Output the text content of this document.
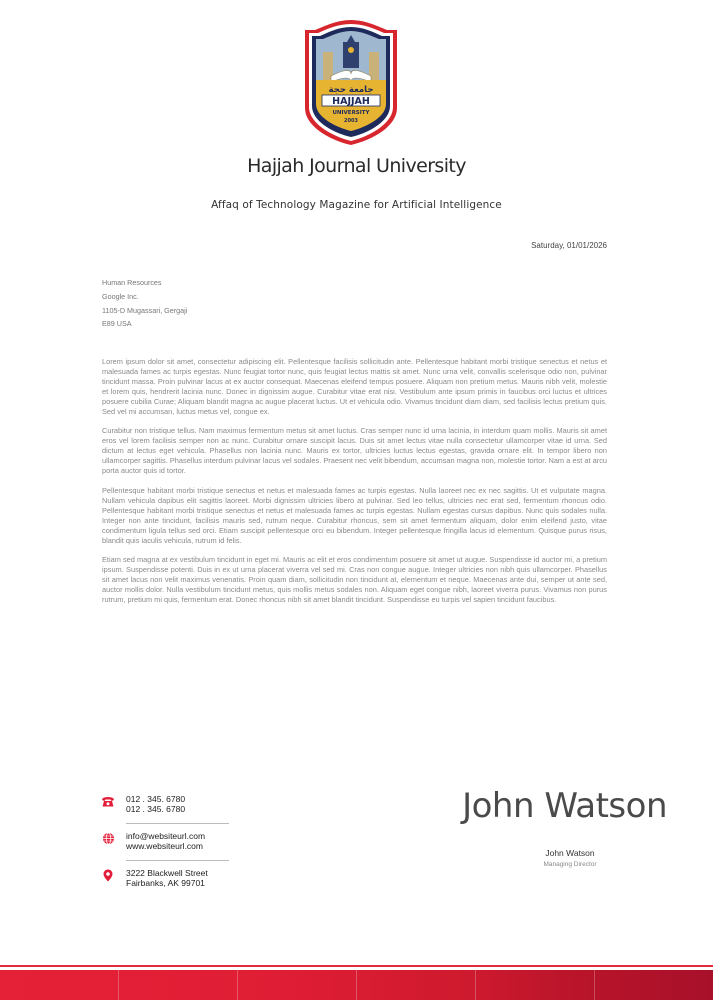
جامعة حجة
HAJJAH
UNIVERSITY
2003
Hajjah Journal University
Affaq of Technology Magazine for Artificial Intelligence
Saturday, 01/01/2026
Human Resources
Google Inc.
1105-D Mugassari, Gergaji
E89 USA

Lorem ipsum dolor sit amet, consectetur adipiscing elit. Pellentesque facilisis sollicitudin ante. Pellentesque habitant morbi tristique senectus et netus et malesuada fames ac turpis egestas. Nunc feugiat tortor nunc, quis feugiat lectus mattis sit amet. Nunc urna velit, convallis scelerisque odio non, pulvinar tincidunt massa. Proin pulvinar lacus at ex auctor consequat. Maecenas eleifend tempus posuere. Aliquam non pretium metus. Mauris nibh velit, molestie et lorem quis, hendrerit lacinia nunc. Donec in dignissim augue. Curabitur vitae erat nisi. Vestibulum ante ipsum primis in faucibus orci luctus et ultrices posuere cubilia Curae; Aliquam blandit magna ac augue placerat luctus. Ut et vehicula odio. Vivamus tincidunt diam diam, sed facilisis lectus pretium quis. Sed vel mi accumsan, luctus metus vel, congue ex.

Curabitur non tristique tellus. Nam maximus fermentum metus sit amet luctus. Cras semper nunc id urna lacinia, in interdum quam mollis. Mauris sit amet eros vel lorem facilisis semper non ac nunc. Curabitur ornare suscipit lacus. Duis sit amet lectus vitae nulla consectetur ullamcorper vitae id urna. Sed dictum at lectus eget vehicula. Phasellus non lacinia nunc. Mauris ex tortor, ultricies luctus lectus egestas, gravida ornare elit. In tempor libero non ullamcorper sagittis. Phasellus interdum pulvinar lacus vel sodales. Praesent nec velit bibendum, accumsan magna non, molestie tortor. Nam a est at arcu porta auctor quis id tortor.

Pellentesque habitant morbi tristique senectus et netus et malesuada fames ac turpis egestas. Nulla laoreet nec ex nec sagittis. Ut et vulputate magna. Nullam vehicula dapibus elit sagittis laoreet. Morbi dignissim ultricies libero at pulvinar. Sed leo tellus, ultricies nec erat sed, fermentum rhoncus odio. Pellentesque habitant morbi tristique senectus et netus et malesuada fames ac turpis egestas. Nullam egestas cursus dapibus. Nunc quis sodales nulla. Integer non ante tincidunt, facilisis mauris sed, rutrum neque. Curabitur rhoncus, sem sit amet fermentum aliquam, dolor enim eleifend justo, vitae condimentum ligula tellus sed orci. Etiam suscipit pellentesque orci eu bibendum. Integer pellentesque fringilla lacus id elementum. Quisque purus risus, blandit quis iaculis vehicula, rutrum id felis.

Etiam sed magna at ex vestibulum tincidunt in eget mi. Mauris ac elit et eros condimentum posuere sit amet ut augue. Suspendisse id auctor mi, a pretium ipsum. Suspendisse potenti. Duis in ex ut urna placerat viverra vel sed mi. Cras non congue augue. Integer ultricies non nibh quis ullamcorper. Phasellus sit amet lacus non velit maximus venenatis. Proin quam diam, sollicitudin non tincidunt at, elementum et neque. Maecenas ante dui, semper ut ante sed, auctor mollis dolor. Nulla vestibulum tincidunt metus, quis mollis metus sodales non. Aliquam eget congue nibh, laoreet viverra purus. Vivamus non purus rutrum, pretium mi quis, fermentum erat. Donec rhoncus nibh sit amet blandit tincidunt. Suspendisse eu turpis vel sapien tincidunt faucibus.

012 . 345. 6780
012 . 345. 6780
info@websiteurl.com
www.websiteurl.com
3222 Blackwell Street
Fairbanks, AK 99701
John Watson
John Watson
Managing Director
